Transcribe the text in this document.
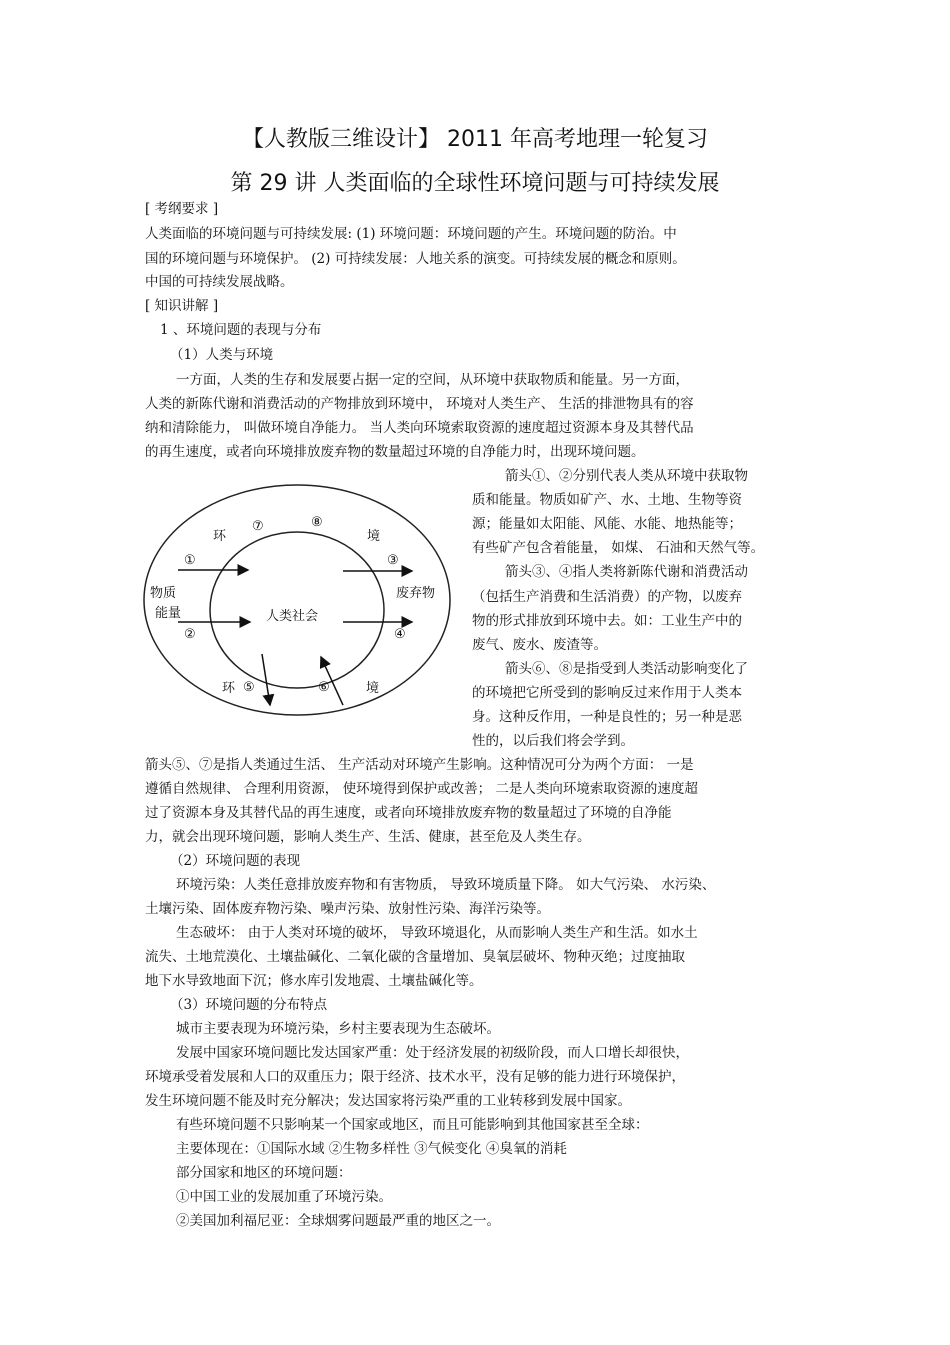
【人教版三维设计】 2011 年高考地理一轮复习
第 29 讲 人类面临的全球性环境问题与可持续发展
[ 考纲要求 ]
人类面临的环境问题与可持续发展: (1) 环境问题：环境问题的产生。环境问题的防治。中
国的环境问题与环境保护。 (2) 可持续发展：人地关系的演变。可持续发展的概念和原则。
中国的可持续发展战略。
[ 知识讲解 ]
1 、环境问题的表现与分布
（1）人类与环境
一方面，人类的生存和发展要占据一定的空间，从环境中获取物质和能量。另一方面，
人类的新陈代谢和消费活动的产物排放到环境中， 环境对人类生产、 生活的排泄物具有的容
纳和清除能力， 叫做环境自净能力。 当人类向环境索取资源的速度超过资源本身及其替代品
的再生速度，或者向环境排放废弃物的数量超过环境的自净能力时，出现环境问题。
箭头①、②分别代表人类从环境中获取物
质和能量。物质如矿产、水、土地、生物等资
源；能量如太阳能、风能、水能、地热能等；
有些矿产包含着能量， 如煤、 石油和天然气等。
箭头③、④指人类将新陈代谢和消费活动
（包括生产消费和生活消费）的产物，以废弃
物的形式排放到环境中去。如：工业生产中的
废气、废水、废渣等。
箭头⑥、⑧是指受到人类活动影响变化了
的环境把它所受到的影响反过来作用于人类本
身。这种反作用，一种是良性的；另一种是恶
性的，以后我们将会学到。
箭头⑤、⑦是指人类通过生活、 生产活动对环境产生影响。这种情况可分为两个方面： 一是
遵循自然规律、 合理利用资源， 使环境得到保护或改善； 二是人类向环境索取资源的速度超
过了资源本身及其替代品的再生速度，或者向环境排放废弃物的数量超过了环境的自净能
力，就会出现环境问题，影响人类生产、生活、健康，甚至危及人类生存。
（2）环境问题的表现
环境污染：人类任意排放废弃物和有害物质， 导致环境质量下降。 如大气污染、 水污染、
土壤污染、固体废弃物污染、噪声污染、放射性污染、海洋污染等。
生态破坏： 由于人类对环境的破坏， 导致环境退化，从而影响人类生产和生活。如水土
流失、土地荒漠化、土壤盐碱化、二氧化碳的含量增加、臭氧层破坏、物种灭绝；过度抽取
地下水导致地面下沉；修水库引发地震、土壤盐碱化等。
（3）环境问题的分布特点
城市主要表现为环境污染，乡村主要表现为生态破坏。
发展中国家环境问题比发达国家严重：处于经济发展的初级阶段，而人口增长却很快，
环境承受着发展和人口的双重压力；限于经济、技术水平，没有足够的能力进行环境保护，
发生环境问题不能及时充分解决；发达国家将污染严重的工业转移到发展中国家。
有些环境问题不只影响某一个国家或地区，而且可能影响到其他国家甚至全球：
主要体现在：①国际水域 ②生物多样性 ③气候变化 ④臭氧的消耗
部分国家和地区的环境问题：
①中国工业的发展加重了环境污染。
②美国加利福尼亚：全球烟雾问题最严重的地区之一。
环
⑦	⑧
境
①	③
物质	废弃物
能量	人类社会
②	④
环 ⑤	⑥	境
